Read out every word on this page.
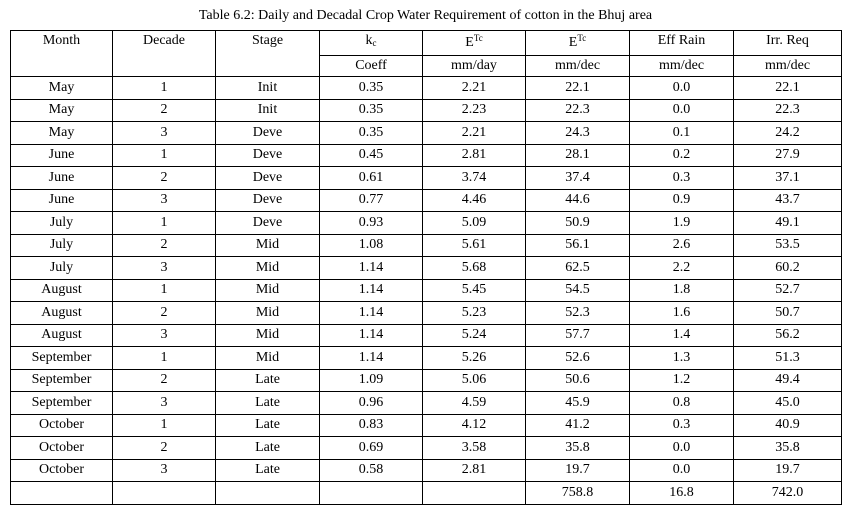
Table 6.2: Daily and Decadal Crop Water Requirement of cotton in the Bhuj area
Month	Decade	Stage	$k_c$	$E^{Tc}$	$E^{Tc}$	Eff Rain	Irr. Req
			Coeff	mm/day	mm/dec	mm/dec	mm/dec
May	1	Init	0.35	2.21	22.1	0.0	22.1
May	2	Init	0.35	2.23	22.3	0.0	22.3
May	3	Deve	0.35	2.21	24.3	0.1	24.2
June	1	Deve	0.45	2.81	28.1	0.2	27.9
June	2	Deve	0.61	3.74	37.4	0.3	37.1
June	3	Deve	0.77	4.46	44.6	0.9	43.7
July	1	Deve	0.93	5.09	50.9	1.9	49.1
July	2	Mid	1.08	5.61	56.1	2.6	53.5
July	3	Mid	1.14	5.68	62.5	2.2	60.2
August	1	Mid	1.14	5.45	54.5	1.8	52.7
August	2	Mid	1.14	5.23	52.3	1.6	50.7
August	3	Mid	1.14	5.24	57.7	1.4	56.2
September	1	Mid	1.14	5.26	52.6	1.3	51.3
September	2	Late	1.09	5.06	50.6	1.2	49.4
September	3	Late	0.96	4.59	45.9	0.8	45.0
October	1	Late	0.83	4.12	41.2	0.3	40.9
October	2	Late	0.69	3.58	35.8	0.0	35.8
October	3	Late	0.58	2.81	19.7	0.0	19.7
					758.8	16.8	742.0
